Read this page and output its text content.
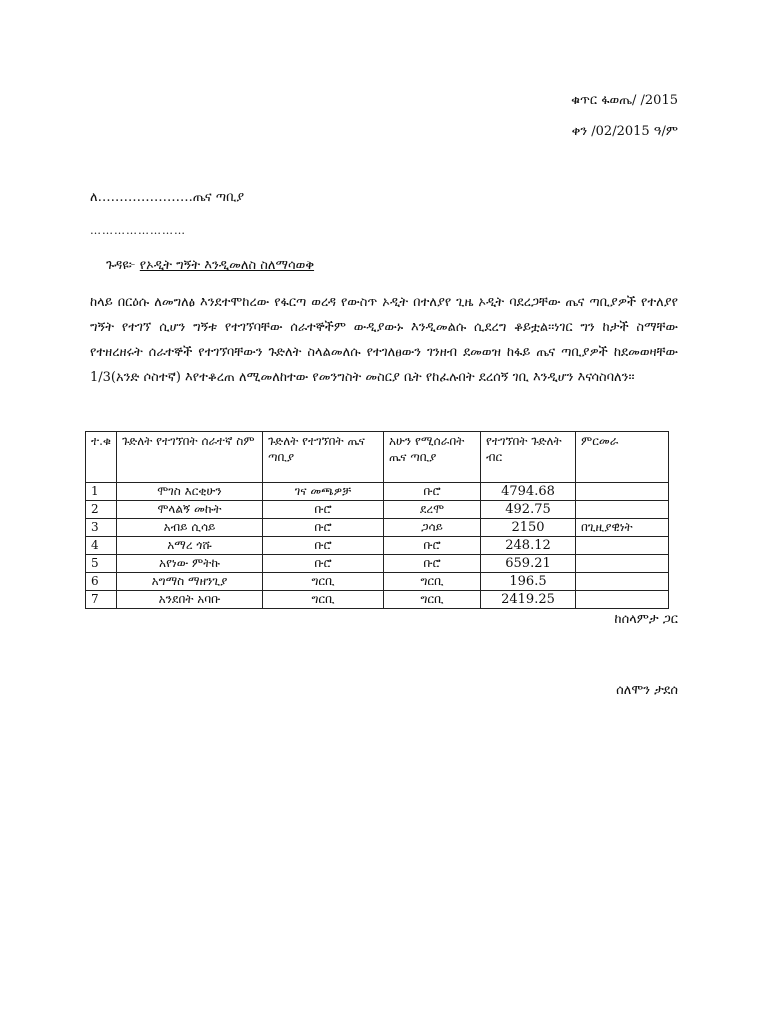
ቁጥር ፋወጤ/ /2015
ቀን /02/2015 ዓ/ም
ለ………………….ጤና ጣቢያ
……………………
ጉዳዩ፦ የኦዲት ግኝት እንዲመለስ ስለማሳወቅ
ከላይ በርዕሱ ለመግለፅ እንደተሞከረው የፋርጣ ወረዳ የውስጥ ኦዲት በተለያየ ጊዜ ኦዲት ባደረጋቸው ጤና ጣቢያዎች የተለያየ ግኝት የተገኘ ሲሆን ግኝቱ የተገኘባቸው ሰራተኞችም ውዲያውኑ እንዲመልሱ ሲደረግ ቆይቷል፡፡ነገር ግን ከታች ስማቸው የተዘረዘሩት ሰራተኞች የተገኘባቸውን ጉድለት ስላልመለሱ የተገለፀውን ገንዘብ ደመወዝ ከፋይ ጤና ጣቢያዎች ከደመወዛቸው 1/3(አንድ ሶስተኛ) እየተቆረጠ ለሚመለከተው የመንግስት መስርያ ቤት የከፈሉበት ደረሰኝ ገቢ እንዲሆን እናሳስባለን፡፡
ተ.ቁ	ጉድለት የተገኘበት ሰራተኛ ስም	ጉድለት የተገኘበት ጤና ጣቢያ	አሁን የሚሰራበት ጤና ጣቢያ	የተገኘበት ጉድለት ብር	ምርመራ
1	ሞገስ እርቂሁን	ገና መጫዎቻ	ቡሮ	4794.68	
2	ሞላልኝ መኩት	ቡሮ	ደረሞ	492.75	
3	አብይ ሲሳይ	ቡሮ	ጋሳይ	2150	በጊዚያዊነት
4	አማረ ጎሹ	ቡሮ	ቡሮ	248.12	
5	አየነው ምትኩ	ቡሮ	ቡሮ	659.21	
6	አግማስ ማዘንጊያ	ግርቢ	ግርቢ	196.5	
7	አንደበት አባቡ	ግርቢ	ግርቢ	2419.25	
ከሰላምታ ጋር
ሰለሞን ታደሰ
